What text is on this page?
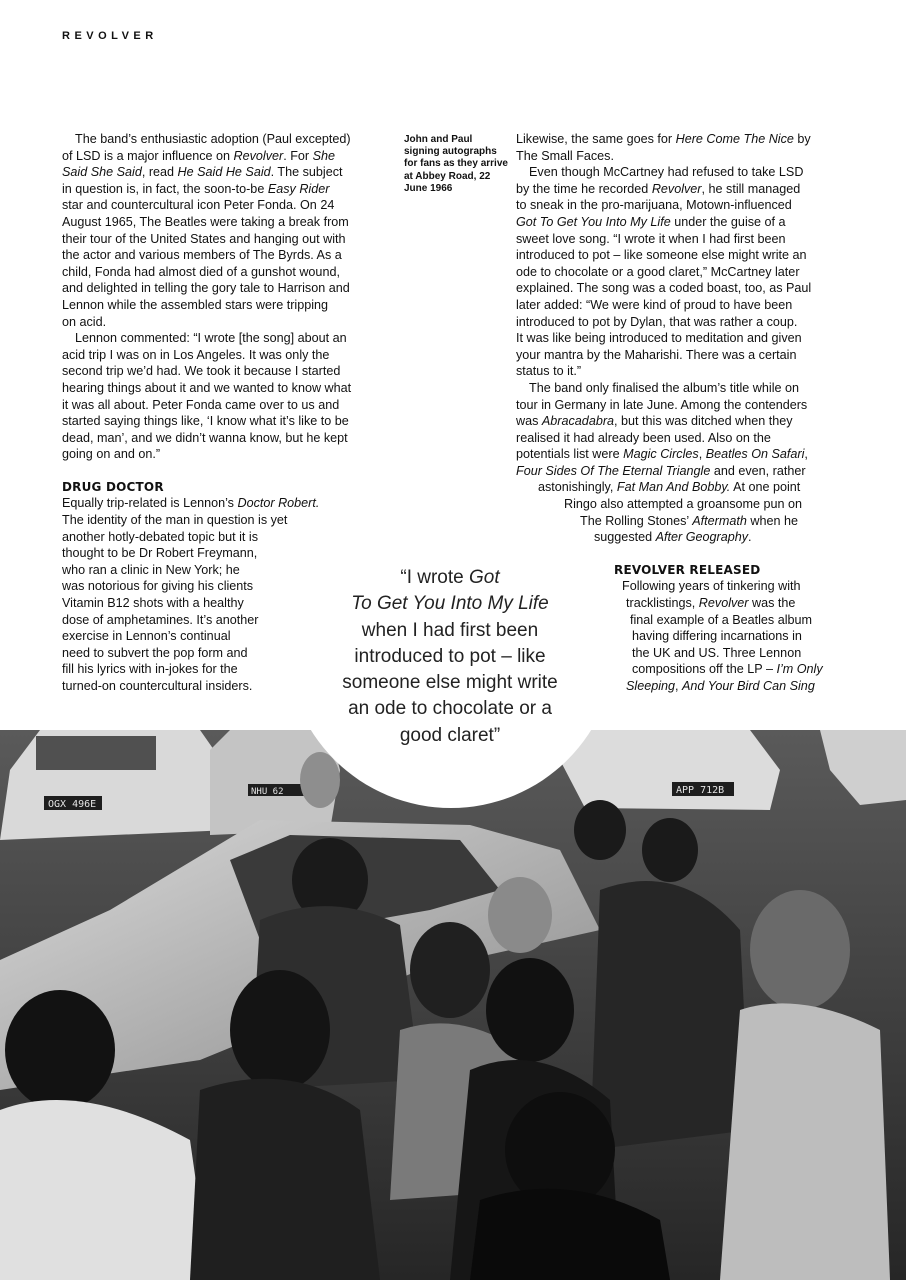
REVOLVER

The band’s enthusiastic adoption (Paul excepted)
of LSD is a major influence on Revolver. For She
Said She Said, read He Said He Said. The subject
in question is, in fact, the soon-to-be Easy Rider
star and countercultural icon Peter Fonda. On 24
August 1965, The Beatles were taking a break from
their tour of the United States and hanging out with
the actor and various members of The Byrds. As a
child, Fonda had almost died of a gunshot wound,
and delighted in telling the gory tale to Harrison and
Lennon while the assembled stars were tripping
on acid.

Lennon commented: “I wrote [the song] about an
acid trip I was on in Los Angeles. It was only the
second trip we’d had. We took it because I started
hearing things about it and we wanted to know what
it was all about. Peter Fonda came over to us and
started saying things like, ‘I know what it’s like to be
dead, man’, and we didn’t wanna know, but he kept
going on and on.”

DRUG DOCTOR

Equally trip-related is Lennon’s Doctor Robert.
The identity of the man in question is yet
another hotly-debated topic but it is
thought to be Dr Robert Freymann,
who ran a clinic in New York; he
was notorious for giving his clients
Vitamin B12 shots with a healthy
dose of amphetamines. It’s another
exercise in Lennon’s continual
need to subvert the pop form and
fill his lyrics with in-jokes for the
turned-on countercultural insiders.

John and Paul signing autographs for fans as they arrive at Abbey Road, 22 June 1966

Likewise, the same goes for Here Come The Nice by
The Small Faces.

Even though McCartney had refused to take LSD
by the time he recorded Revolver, he still managed
to sneak in the pro-marijuana, Motown-influenced
Got To Get You Into My Life under the guise of a
sweet love song. “I wrote it when I had first been
introduced to pot – like someone else might write an
ode to chocolate or a good claret,” McCartney later
explained. The song was a coded boast, too, as Paul
later added: “We were kind of proud to have been
introduced to pot by Dylan, that was rather a coup.
It was like being introduced to meditation and given
your mantra by the Maharishi. There was a certain
status to it.”

The band only finalised the album’s title while on
tour in Germany in late June. Among the contenders
was Abracadabra, but this was ditched when they
realised it had already been used. Also on the
potentials list were Magic Circles, Beatles On Safari,
Four Sides Of The Eternal Triangle and even, rather
astonishingly, Fat Man And Bobby. At one point
Ringo also attempted a groansome pun on
The Rolling Stones’ Aftermath when he
suggested After Geography.

REVOLVER RELEASED

Following years of tinkering with
tracklistings, Revolver was the
final example of a Beatles album
having differing incarnations in
the UK and US. Three Lennon
compositions off the LP – I’m Only
Sleeping, And Your Bird Can Sing

OGX 496E
NHU 62	APP 712B
“I wrote Got
To Get You Into My Life
when I had first been
introduced to pot – like
someone else might write
an ode to chocolate or a
good claret”
